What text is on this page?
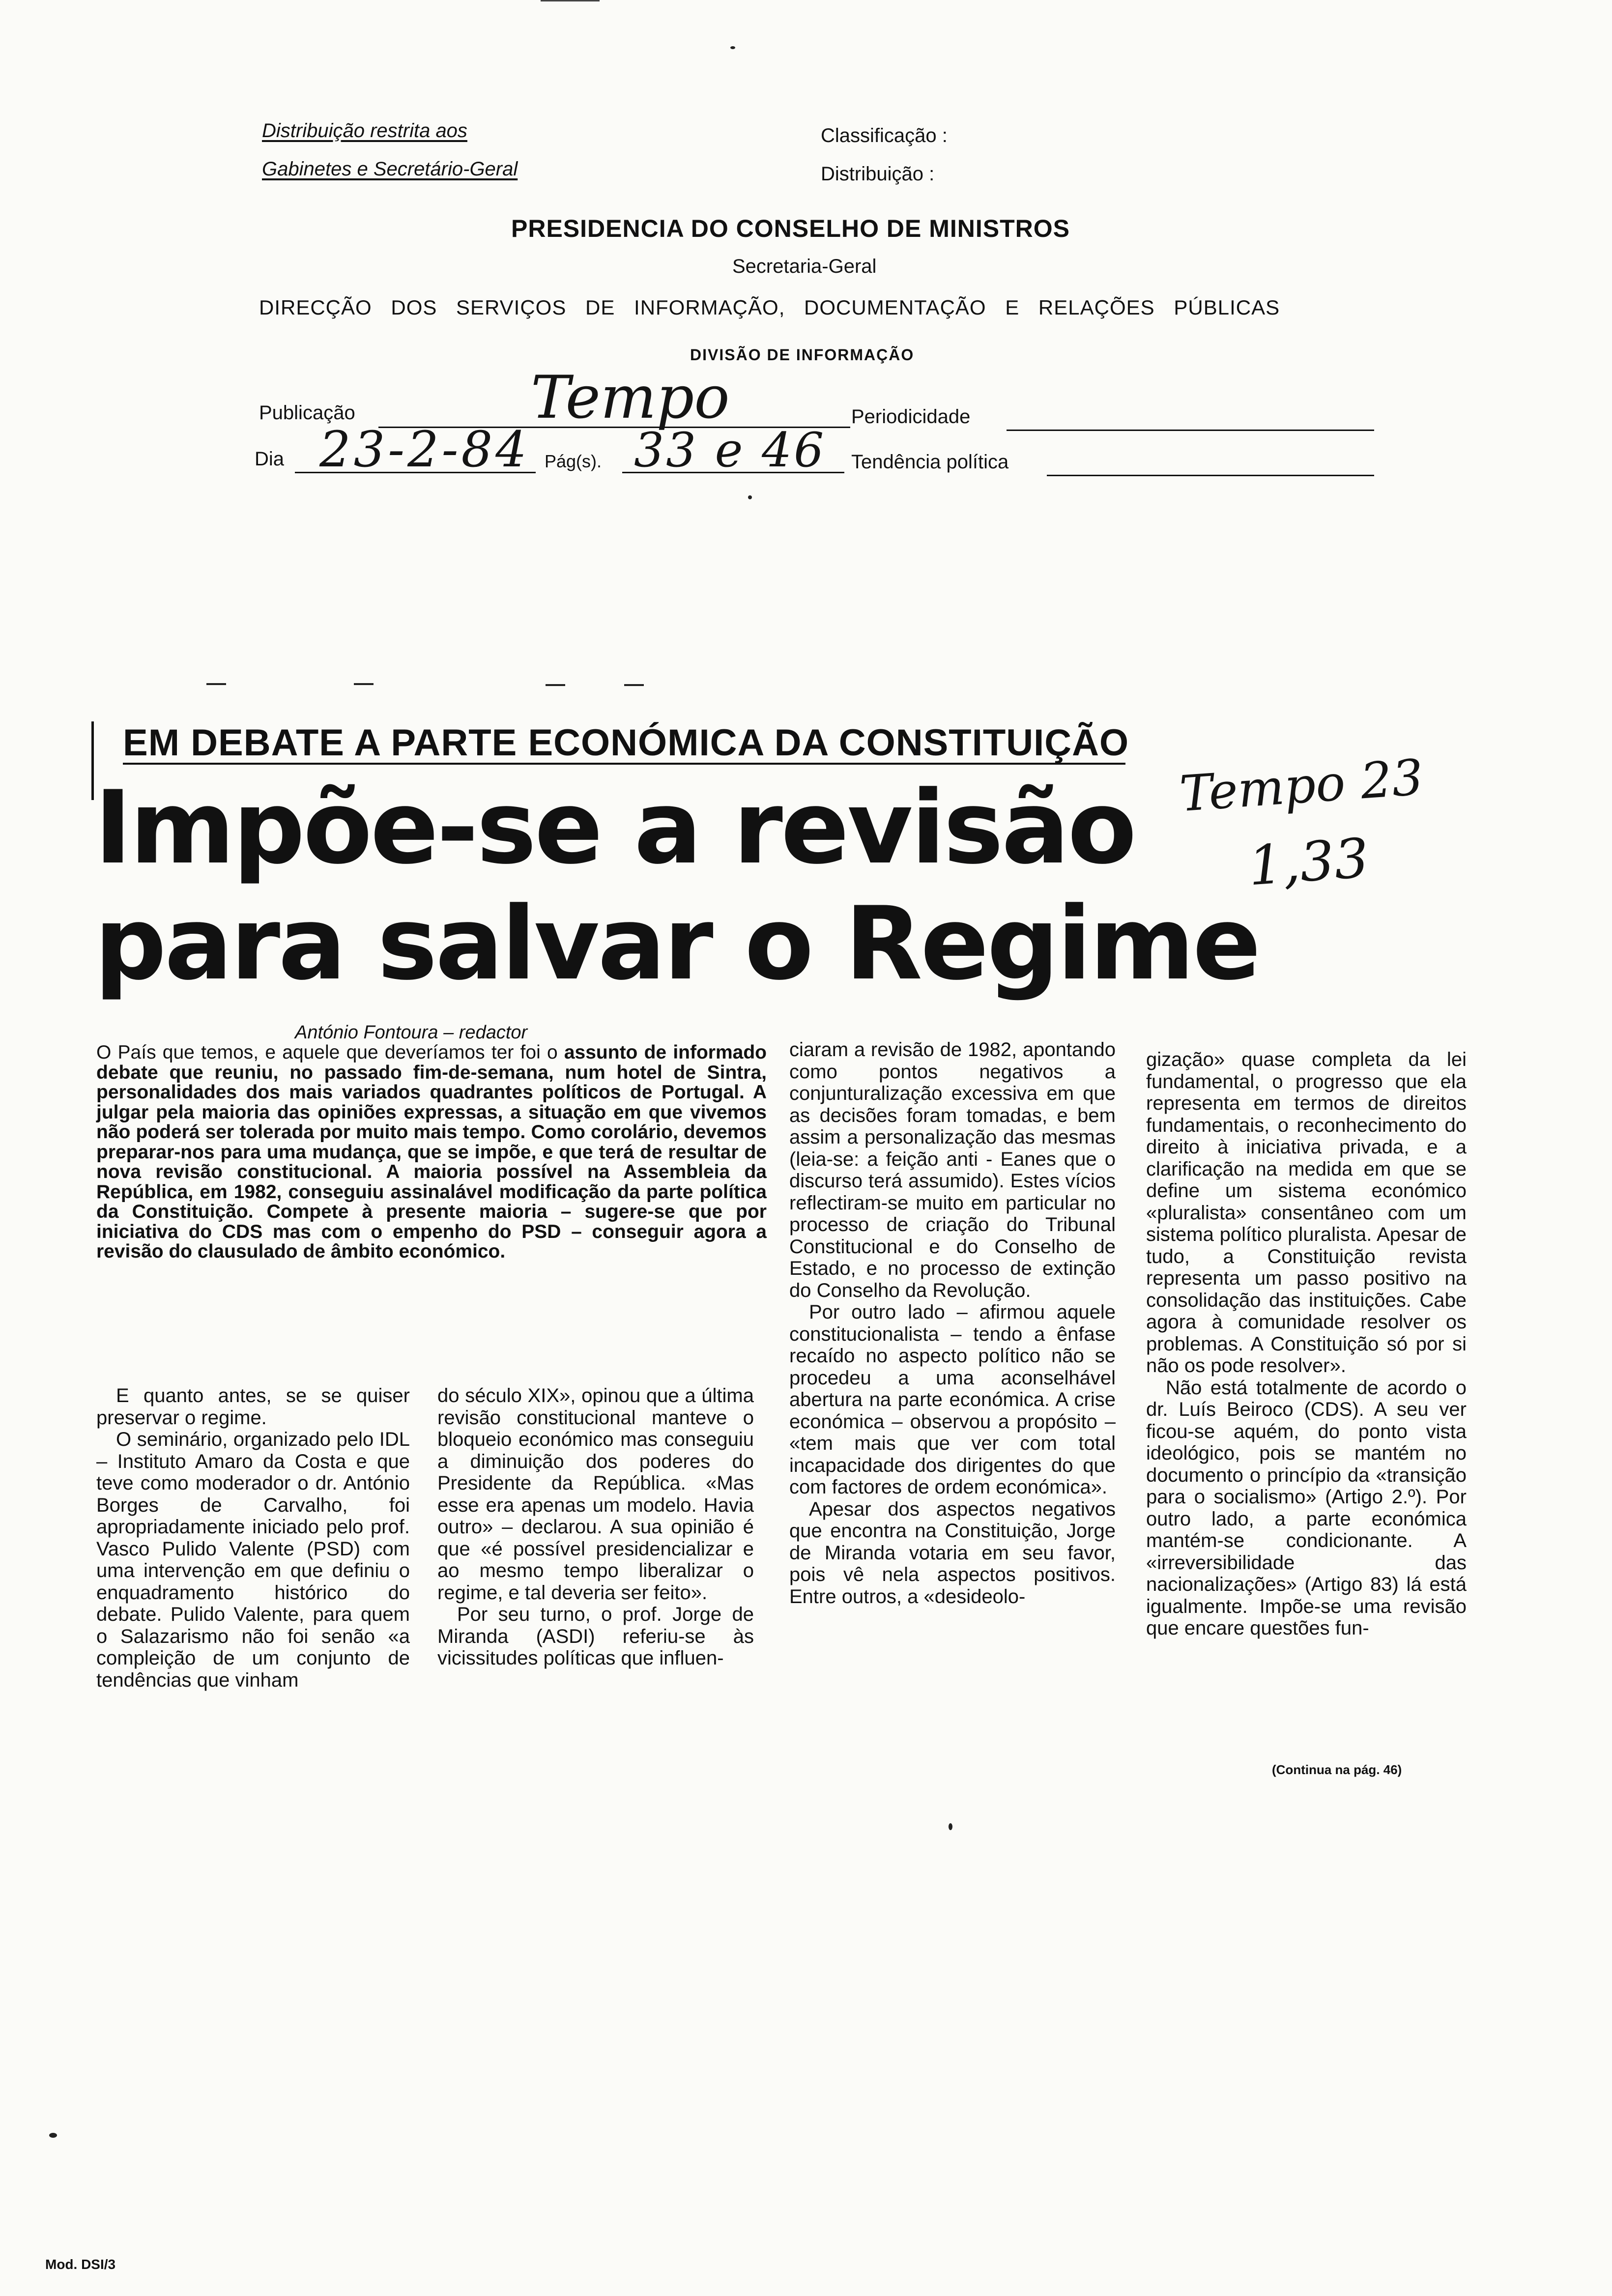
Distribuição restrita aos
Gabinetes e Secretário-Geral
Classificação :
Distribuição :
PRESIDENCIA DO CONSELHO DE MINISTROS
Secretaria-Geral
DIRECÇÃO DOS SERVIÇOS DE INFORMAÇÃO, DOCUMENTAÇÃO E RELAÇÕES PÚBLICAS
DIVISÃO DE INFORMAÇÃO
Publicação	Tempo	Periodicidade
Dia 23-2-84 Pág(s). 33 e 46 Tendência política
EM DEBATE A PARTE ECONÓMICA DA CONSTITUIÇÃO
Impõe-se a revisão
para salvar o Regime
Tempo 23
1,33
António Fontoura – redactor

O País que temos, e aquele que deveríamos ter foi o assunto de informado debate que reuniu, no passado fim-de-semana, num hotel de Sintra, personalidades dos mais variados quadrantes políticos de Portugal. A julgar pela maioria das opiniões expressas, a situação em que vivemos não poderá ser tolerada por muito mais tempo. Como corolário, devemos preparar-nos para uma mudança, que se impõe, e que terá de resultar de nova revisão constitucional. A maioria possível na Assembleia da República, em 1982, conseguiu assinalável modificação da parte política da Constituição. Compete à presente maioria – sugere-se que por iniciativa do CDS mas com o empenho do PSD – conseguir agora a revisão do clausulado de âmbito económico.

E quanto antes, se se quiser preservar o regime.

O seminário, organizado pelo IDL – Instituto Amaro da Costa e que teve como moderador o dr. António Borges de Carvalho, foi apropriadamente iniciado pelo prof. Vasco Pulido Valente (PSD) com uma intervenção em que definiu o enquadramento histórico do debate. Pulido Valente, para quem o Salazarismo não foi senão «a compleição de um conjunto de tendências que vinham

do século XIX», opinou que a última revisão constitucional manteve o bloqueio económico mas conseguiu a diminuição dos poderes do Presidente da República. «Mas esse era apenas um modelo. Havia outro» – declarou. A sua opinião é que «é possível presidencializar e ao mesmo tempo liberalizar o regime, e tal deveria ser feito».

Por seu turno, o prof. Jorge de Miranda (ASDI) referiu-se às vicissitudes políticas que influen-

ciaram a revisão de 1982, apontando como pontos negativos a conjunturalização excessiva em que as decisões foram tomadas, e bem assim a personalização das mesmas (leia-se: a feição anti - Eanes que o discurso terá assumido). Estes vícios reflectiram-se muito em particular no processo de criação do Tribunal Constitucional e do Conselho de Estado, e no processo de extinção do Conselho da Revolução.

Por outro lado – afirmou aquele constitucionalista – tendo a ênfase recaído no aspecto político não se procedeu a uma aconselhável abertura na parte económica. A crise económica – observou a propósito – «tem mais que ver com total incapacidade dos dirigentes do que com factores de ordem económica».

Apesar dos aspectos negativos que encontra na Constituição, Jorge de Miranda votaria em seu favor, pois vê nela aspectos positivos. Entre outros, a «desideolo-

gização» quase completa da lei fundamental, o progresso que ela representa em termos de direitos fundamentais, o reconhecimento do direito à iniciativa privada, e a clarificação na medida em que se define um sistema económico «pluralista» consentâneo com um sistema político pluralista. Apesar de tudo, a Constituição revista representa um passo positivo na consolidação das instituições. Cabe agora à comunidade resolver os problemas. A Constituição só por si não os pode resolver».

Não está totalmente de acordo o dr. Luís Beiroco (CDS). A seu ver ficou-se aquém, do ponto vista ideológico, pois se mantém no documento o princípio da «transição para o socialismo» (Artigo 2.º). Por outro lado, a parte económica mantém-se condicionante. A «irreversibilidade das nacionalizações» (Artigo 83) lá está igualmente. Impõe-se uma revisão que encare questões fun-

(Continua na pág. 46)
Mod. DSI/3
